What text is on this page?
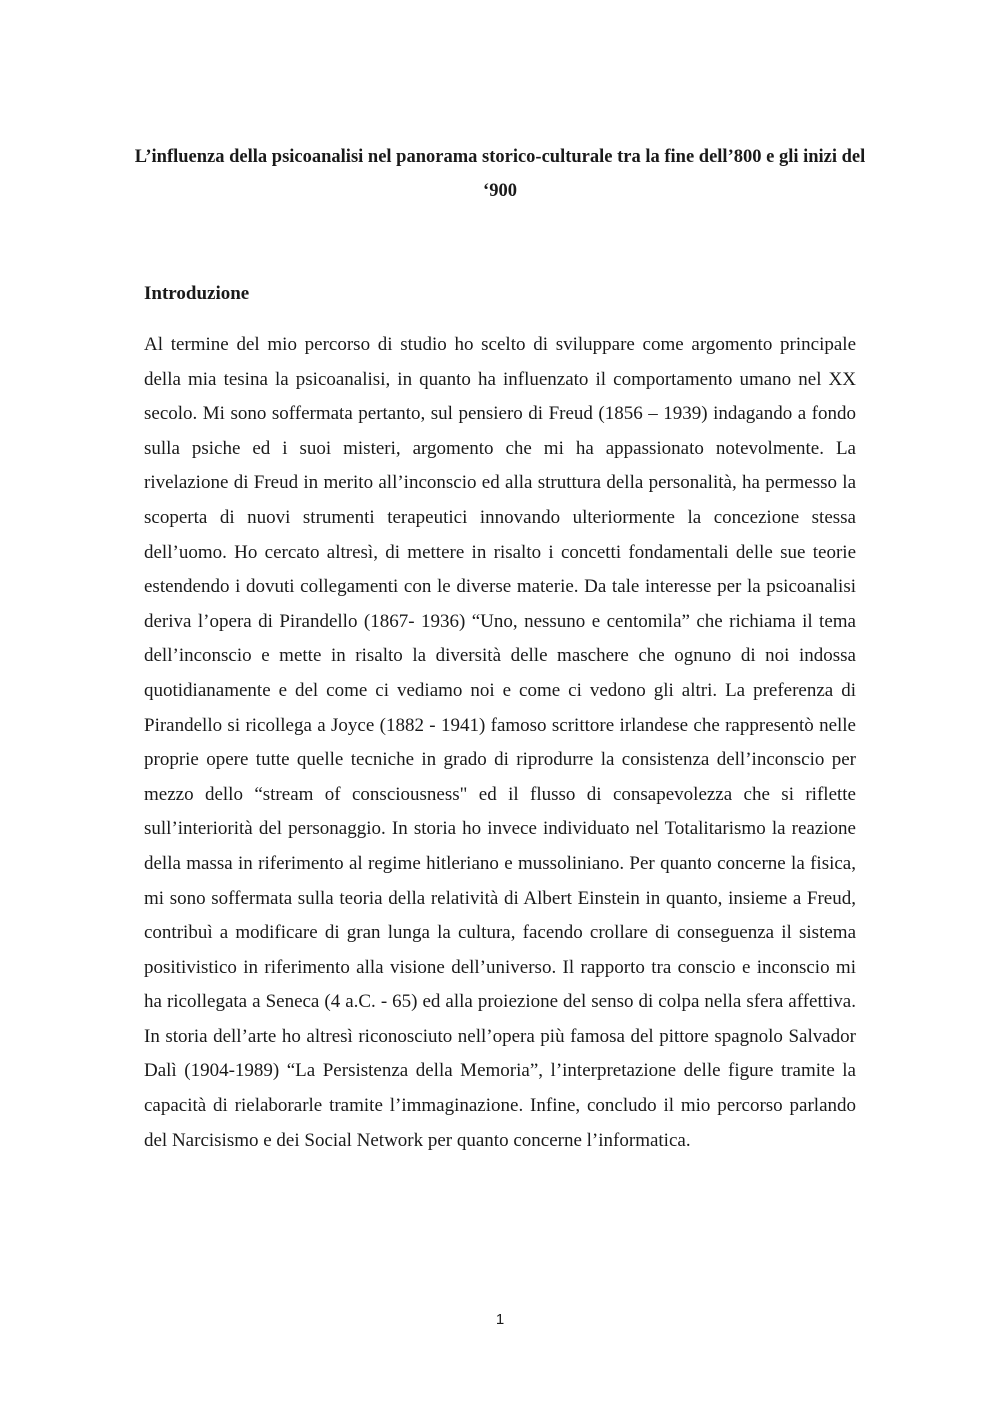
L’influenza della psicoanalisi nel panorama storico-culturale tra la fine dell’800 e gli inizi del ‘900
Introduzione

Al termine del mio percorso di studio ho scelto di sviluppare come argomento principale della mia tesina la psicoanalisi, in quanto ha influenzato il comportamento umano nel XX secolo. Mi sono soffermata pertanto, sul pensiero di Freud (1856 – 1939) indagando a fondo sulla psiche ed i suoi misteri, argomento che mi ha appassionato notevolmente. La rivelazione di Freud in merito all’inconscio ed alla struttura della personalità, ha permesso la scoperta di nuovi strumenti terapeutici innovando ulteriormente la concezione stessa dell’uomo. Ho cercato altresì, di mettere in risalto i concetti fondamentali delle sue teorie estendendo i dovuti collegamenti con le diverse materie. Da tale interesse per la psicoanalisi deriva l’opera di Pirandello (1867- 1936) “Uno, nessuno e centomila” che richiama il tema dell’inconscio e mette in risalto la diversità delle maschere che ognuno di noi indossa quotidianamente e del come ci vediamo noi e come ci vedono gli altri. La preferenza di Pirandello si ricollega a Joyce (1882 - 1941) famoso scrittore irlandese che rappresentò nelle proprie opere tutte quelle tecniche in grado di riprodurre la consistenza dell’inconscio per mezzo dello “stream of consciousness" ed il flusso di consapevolezza che si riflette sull’interiorità del personaggio. In storia ho invece individuato nel Totalitarismo la reazione della massa in riferimento al regime hitleriano e mussoliniano. Per quanto concerne la fisica, mi sono soffermata sulla teoria della relatività di Albert Einstein in quanto, insieme a Freud, contribuì a modificare di gran lunga la cultura, facendo crollare di conseguenza il sistema positivistico in riferimento alla visione dell’universo. Il rapporto tra conscio e inconscio mi ha ricollegata a Seneca (4 a.C. - 65) ed alla proiezione del senso di colpa nella sfera affettiva. In storia dell’arte ho altresì riconosciuto nell’opera più famosa del pittore spagnolo Salvador Dalì (1904-1989) “La Persistenza della Memoria”, l’interpretazione delle figure tramite la capacità di rielaborarle tramite l’immaginazione. Infine, concludo il mio percorso parlando del Narcisismo e dei Social Network per quanto concerne l’informatica.

1
